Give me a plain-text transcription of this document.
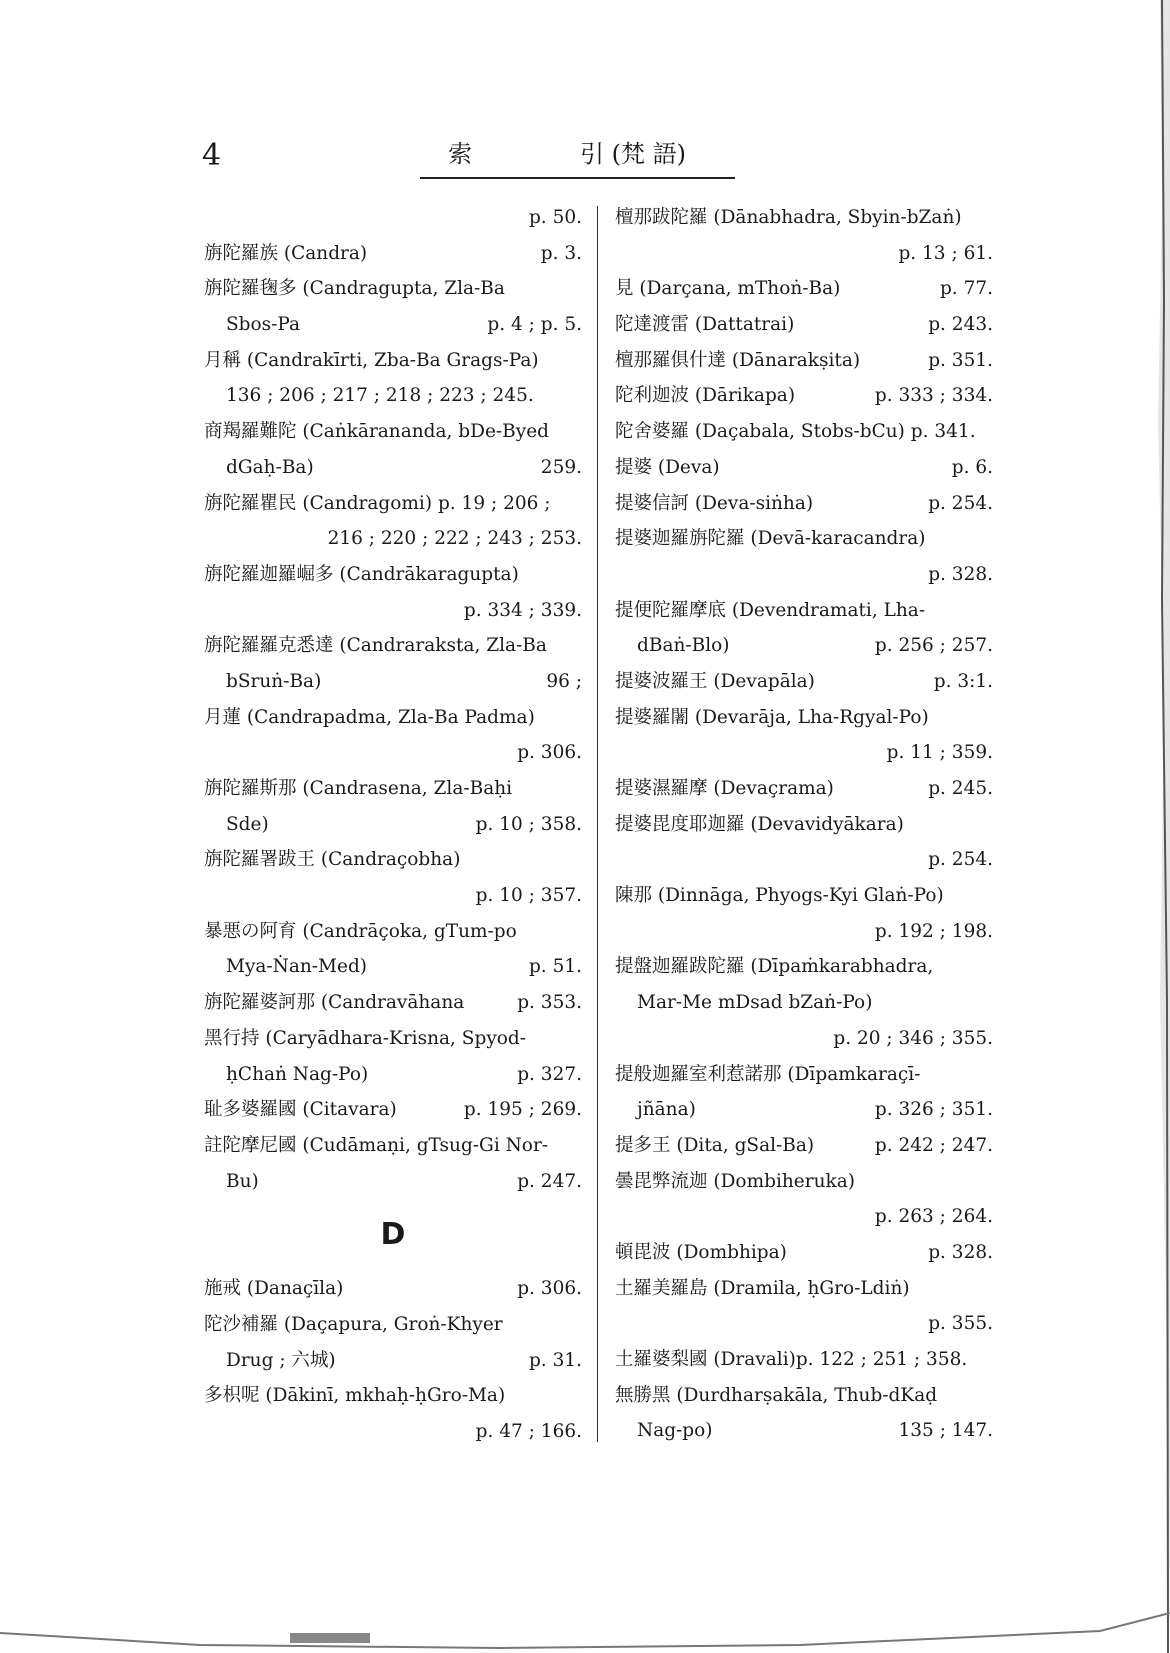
4	索	引 (梵 語)
p. 50.
旃陀羅族 (Candra)	p. 3.
旃陀羅毱多 (Candragupta, Zla-Ba
Sbos-Pa	p. 4 ; p. 5.
月稱 (Candrakīrti, Zba-Ba Grags-Pa)
136 ; 206 ; 217 ; 218 ; 223 ; 245.
商羯羅難陀 (Caṅkārananda, bDe-Byed
dGaḥ-Ba)	259.
旃陀羅瞿民 (Candragomi) p. 19 ; 206 ;
216 ; 220 ; 222 ; 243 ; 253.
旃陀羅迦羅崛多 (Candrākaragupta)
p. 334 ; 339.
旃陀羅羅克悉達 (Candraraksta, Zla-Ba
bSruṅ-Ba)	96 ;
月蓮 (Candrapadma, Zla-Ba Padma)
p. 306.
旃陀羅斯那 (Candrasena, Zla-Baḥi
Sde)	p. 10 ; 358.
旃陀羅署跋王 (Candraçobha)
p. 10 ; 357.
暴悪の阿育 (Candrāçoka, gTum-po
Mya-Ṅan-Med)	p. 51.
旃陀羅婆訶那 (Candravāhana	p. 353.
黑行持 (Caryādhara-Krisna, Spyod-
ḥChaṅ Nag-Po)	p. 327.
耻多婆羅國 (Citavara)	p. 195 ; 269.
註陀摩尼國 (Cudāmaṇi, gTsug-Gi Nor-
Bu)	p. 247.
D
施戒 (Danaçīla)	p. 306.
陀沙補羅 (Daçapura, Groṅ-Khyer
Drug ; 六城)	p. 31.
多枳呢 (Dākinī, mkhaḥ-ḥGro-Ma)
p. 47 ; 166.
檀那跋陀羅 (Dānabhadra, Sbyin-bZaṅ)
p. 13 ; 61.
見 (Darçana, mThoṅ-Ba)	p. 77.
陀達渡雷 (Dattatrai)	p. 243.
檀那羅俱什達 (Dānarakṣita)	p. 351.
陀利迦波 (Dārikapa)	p. 333 ; 334.
陀舍婆羅 (Daçabala, Stobs-bCu) p. 341.
提婆 (Deva)	p. 6.
提婆信訶 (Deva-siṅha)	p. 254.
提婆迦羅旃陀羅 (Devā-karacandra)
p. 328.
提便陀羅摩底 (Devendramati, Lha-
dBaṅ-Blo)	p. 256 ; 257.
提婆波羅王 (Devapāla)	p. 3:1.
提婆羅闍 (Devarāja, Lha-Rgyal-Po)
p. 11 ; 359.
提婆濕羅摩 (Devaçrama)	p. 245.
提婆毘度耶迦羅 (Devavidyākara)
p. 254.
陳那 (Dinnāga, Phyogs-Kyi Glaṅ-Po)
p. 192 ; 198.
提盤迦羅跋陀羅 (Dīpaṁkarabhadra,
Mar-Me mDsad bZaṅ-Po)
p. 20 ; 346 ; 355.
提般迦羅室利惹諾那 (Dīpamkaraçī-
jñāna)	p. 326 ; 351.
提多王 (Dita, gSal-Ba)	p. 242 ; 247.
曇毘弊流迦 (Dombiheruka)
p. 263 ; 264.
頓毘波 (Dombhipa)	p. 328.
土羅美羅島 (Dramila, ḥGro-Ldiṅ)
p. 355.
土羅婆梨國 (Dravali)p. 122 ; 251 ; 358.
無勝黑 (Durdharṣakāla, Thub-dKaḍ
Nag-po)	135 ; 147.
